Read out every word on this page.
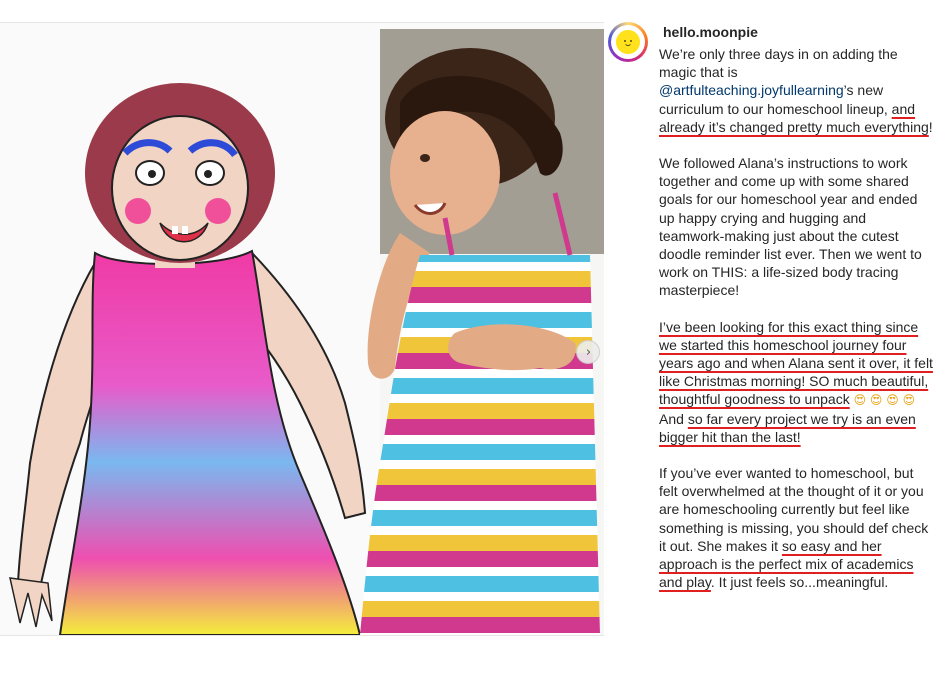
›
hello.moonpie

We’re only three days in on adding the magic that is @artfulteaching.joyfullearning’s new curriculum to our homeschool lineup, and already it’s changed pretty much everything!

We followed Alana’s instructions to work together and come up with some shared goals for our homeschool year and ended up happy crying and hugging and teamwork-making just about the cutest doodle reminder list ever. Then we went to work on THIS: a life-sized body tracing masterpiece!

I’ve been looking for this exact thing since we started this homeschool journey four years ago and when Alana sent it over, it felt like Christmas morning! SO much beautiful, thoughtful goodness to unpack 😍 😍 😍 😍 And so far every project we try is an even bigger hit than the last!

If you’ve ever wanted to homeschool, but felt overwhelmed at the thought of it or you are homeschooling currently but feel like something is missing, you should def check it out. She makes it so easy and her approach is the perfect mix of academics and play. It just feels so...meaningful.
